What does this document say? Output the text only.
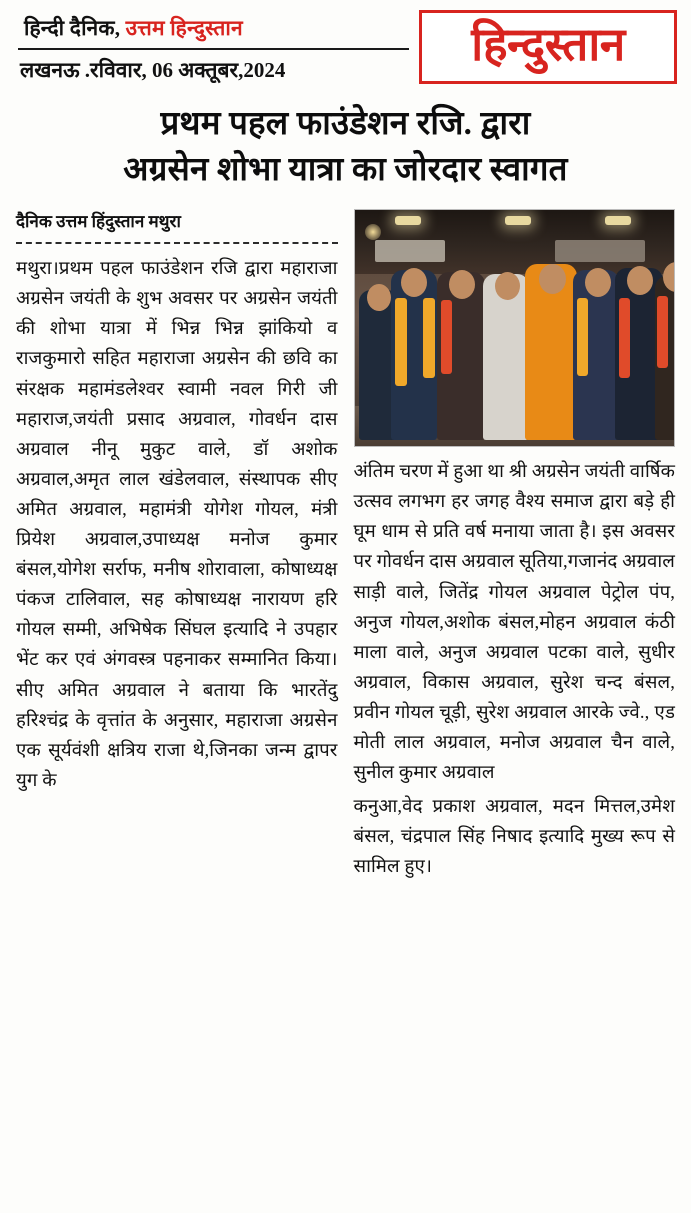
हिन्दी दैनिक, उत्तम हिन्दुस्तान
लखनऊ .रविवार, 06 अक्तूबर,2024
हिन्दुस्तान
प्रथम पहल फाउंडेशन रजि. द्वारा
अग्रसेन शोभा यात्रा का जोरदार स्वागत
दैनिक उत्तम हिंदुस्तान मथुरा

मथुरा।प्रथम पहल फाउंडेशन रजि द्वारा महाराजा अग्रसेन जयंती के शुभ अवसर पर अग्रसेन जयंती की शोभा यात्रा में भिन्न भिन्न झांकियो व राजकुमारो सहित महाराजा अग्रसेन की छवि का संरक्षक महामंडलेश्वर स्वामी नवल गिरी जी महाराज,जयंती प्रसाद अग्रवाल, गोवर्धन दास अग्रवाल नीनू मुकुट वाले, डॉ अशोक अग्रवाल,अमृत लाल खंडेलवाल, संस्थापक सीए अमित अग्रवाल, महामंत्री योगेश गोयल, मंत्री प्रियेश अग्रवाल,उपाध्यक्ष मनोज कुमार बंसल,योगेश सर्राफ, मनीष शोरावाला, कोषाध्यक्ष पंकज टालिवाल, सह कोषाध्यक्ष नारायण हरि गोयल सम्मी, अभिषेक सिंघल इत्यादि ने उपहार भेंट कर एवं अंगवस्त्र पहनाकर सम्मानित किया। सीए अमित अग्रवाल ने बताया कि भारतेंदु हरिश्चंद्र के वृत्तांत के अनुसार, महाराजा अग्रसेन एक सूर्यवंशी क्षत्रिय राजा थे,जिनका जन्म द्वापर युग के

अंतिम चरण में हुआ था श्री अग्रसेन जयंती वार्षिक उत्सव लगभग हर जगह वैश्य समाज द्वारा बड़े ही घूम धाम से प्रति वर्ष मनाया जाता है। इस अवसर पर गोवर्धन दास अग्रवाल सूतिया,गजानंद अग्रवाल साड़ी वाले, जितेंद्र गोयल अग्रवाल पेट्रोल पंप, अनुज गोयल,अशोक बंसल,मोहन अग्रवाल कंठी माला वाले, अनुज अग्रवाल पटका वाले, सुधीर अग्रवाल, विकास अग्रवाल, सुरेश चन्द बंसल, प्रवीन गोयल चूड़ी, सुरेश अग्रवाल आरके ज्वे., एड मोती लाल अग्रवाल, मनोज अग्रवाल चैन वाले, सुनील कुमार अग्रवाल

कनुआ,वेद प्रकाश अग्रवाल, मदन मित्तल,उमेश बंसल, चंद्रपाल सिंह निषाद इत्यादि मुख्य रूप से सामिल हुए।
